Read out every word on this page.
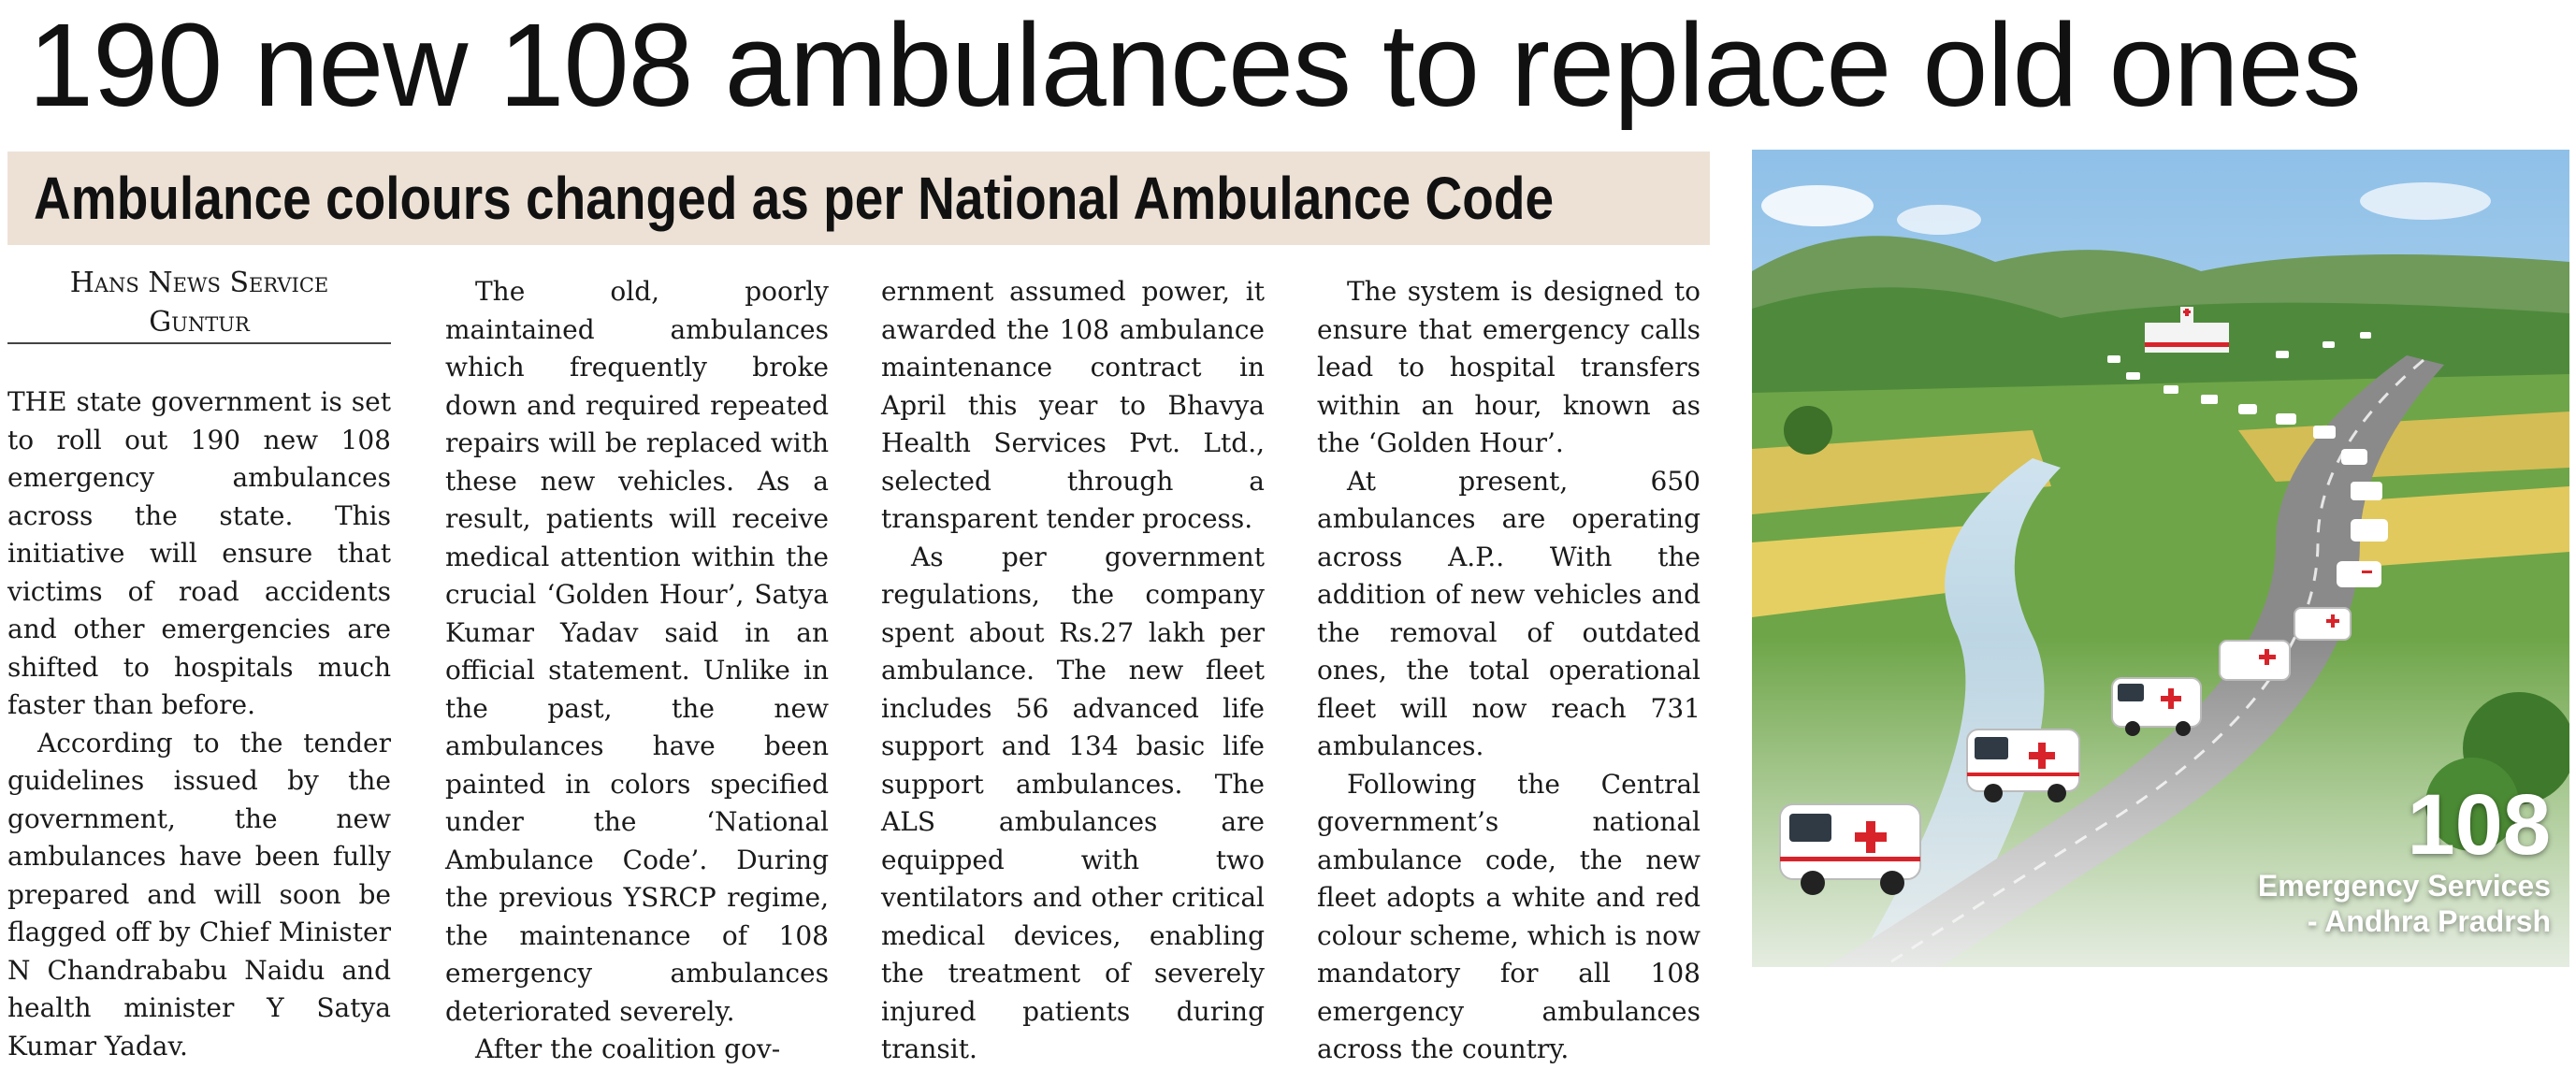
190 new 108 ambulances to replace old ones
Ambulance colours changed as per National Ambulance Code
Hans News Service
Guntur

THE state government is set to roll out 190 new 108 emergency ambulances across the state. This initiative will ensure that victims of road accidents and other emergencies are shifted to hospitals much faster than before.

According to the tender guidelines issued by the government, the new ambulances have been fully prepared and will soon be flagged off by Chief Minister N Chandrababu Naidu and health minister Y Satya Kumar Yadav.

The old, poorly maintained ambulances which frequently broke down and required repeated repairs will be replaced with these new vehicles. As a result, patients will receive medical attention within the crucial ‘Golden Hour’, Satya Kumar Yadav said in an official statement. Unlike in the past, the new ambulances have been painted in colors specified under the ‘National Ambulance Code’. During the previous YSRCP regime, the maintenance of 108 emergency ambulances deteriorated severely.

After the coalition gov-

ernment assumed power, it awarded the 108 ambulance maintenance contract in April this year to Bhavya Health Services Pvt. Ltd., selected through a transparent tender process.

As per government regulations, the company spent about Rs.27 lakh per ambulance. The new fleet includes 56 advanced life support and 134 basic life support ambulances. The ALS ambulances are equipped with two ventilators and other critical medical devices, enabling the treatment of severely injured patients during transit.

The system is designed to ensure that emergency calls lead to hospital transfers within an hour, known as the ‘Golden Hour’.

At present, 650 ambulances are operating across A.P.. With the addition of new vehicles and the removal of outdated ones, the total operational fleet will now reach 731 ambulances.

Following the Central government’s national ambulance code, the new fleet adopts a white and red colour scheme, which is now mandatory for all 108 emergency ambulances across the country.

108
Emergency Services
- Andhra Pradrsh
